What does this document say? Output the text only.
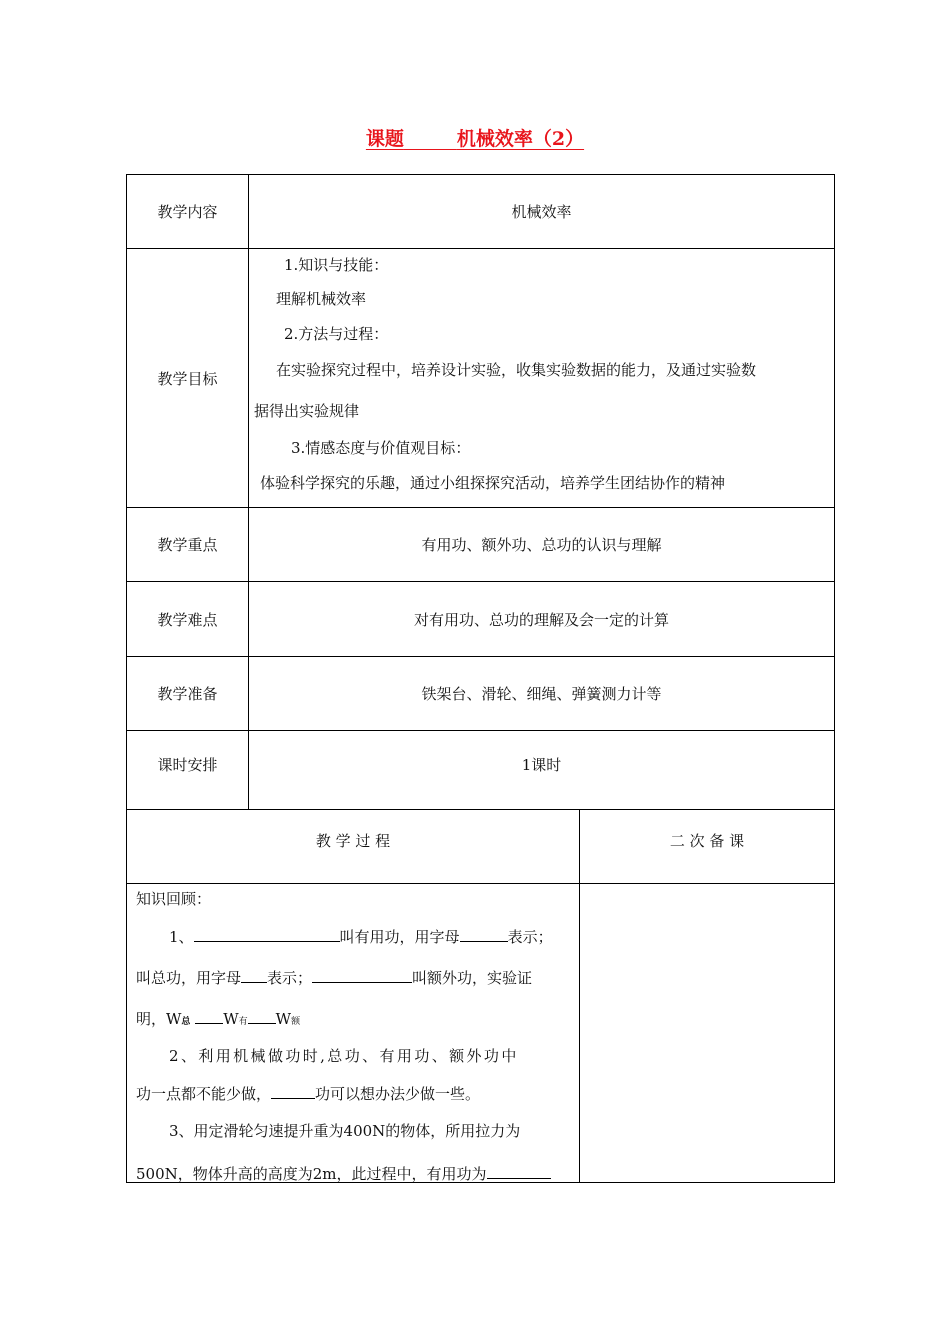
课题	机械效率（2）
教学内容	机械效率
教学目标
1.知识与技能：
理解机械效率
2.方法与过程：
在实验探究过程中，培养设计实验，收集实验数据的能力，及通过实验数
据得出实验规律
3.情感态度与价值观目标：
体验科学探究的乐趣，通过小组探探究活动，培养学生团结协作的精神
教学重点	有用功、额外功、总功的认识与理解
教学难点	对有用功、总功的理解及会一定的计算
教学准备	铁架台、滑轮、细绳、弹簧测力计等
课时安排	1课时
教 学 过 程	二 次 备 课
知识回顾：
1、	叫有用功，用字母	表示；
叫总功，用字母 表示；	叫额外功，实验证
明，W总 W有 W额
2、利用机械做功时,总功、有用功、额外功中
功一点都不能少做，	功可以想办法少做一些。
3、用定滑轮匀速提升重为400N的物体，所用拉力为
500N，物体升高的高度为2m，此过程中，有用功为
